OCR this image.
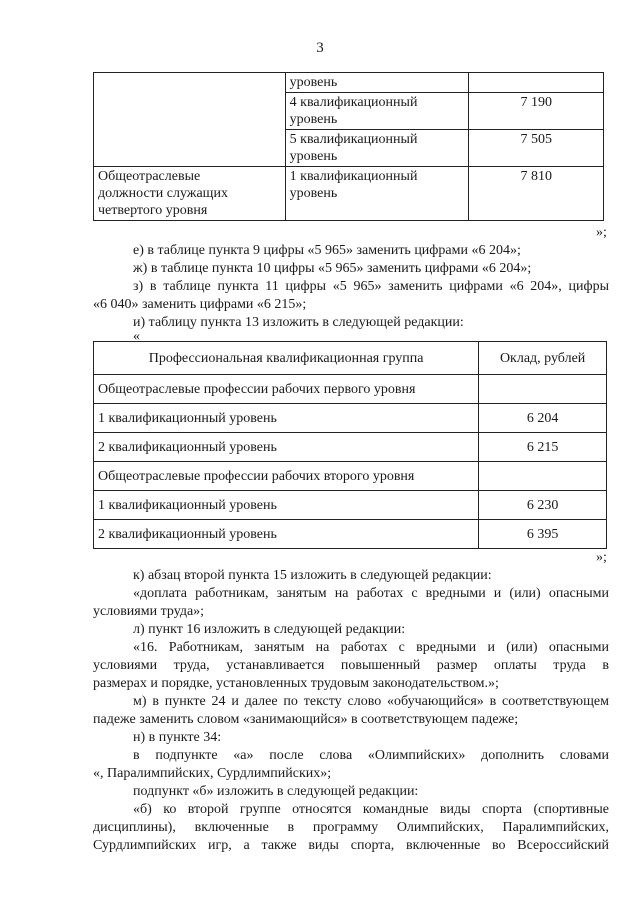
3
	уровень	
	4 квалификационный
уровень	7 190
	5 квалификационный
уровень	7 505
Общеотраслевые
должности служащих
четвертого уровня	1 квалификационный
уровень	7 810
»;
е) в таблице пункта 9 цифры «5 965» заменить цифрами «6 204»;
ж) в таблице пункта 10 цифры «5 965» заменить цифрами «6 204»;
з) в таблице пункта 11 цифры «5 965» заменить цифрами «6 204», цифры
«6 040» заменить цифрами «6 215»;
и) таблицу пункта 13 изложить в следующей редакции:
«
Профессиональная квалификационная группа	Оклад, рублей
Общеотраслевые профессии рабочих первого уровня	
1 квалификационный уровень	6 204
2 квалификационный уровень	6 215
Общеотраслевые профессии рабочих второго уровня	
1 квалификационный уровень	6 230
2 квалификационный уровень	6 395
»;
к) абзац второй пункта 15 изложить в следующей редакции:
«доплата работникам, занятым на работах с вредными и (или) опасными
условиями труда»;
л) пункт 16 изложить в следующей редакции:
«16. Работникам, занятым на работах с вредными и (или) опасными
условиями труда, устанавливается повышенный размер оплаты труда в
размерах и порядке, установленных трудовым законодательством.»;
м) в пункте 24 и далее по тексту слово «обучающийся» в соответствующем
падеже заменить словом «занимающийся» в соответствующем падеже;
н) в пункте 34:
в подпункте «а» после слова «Олимпийских» дополнить словами
«, Паралимпийских, Сурдлимпийских»;
подпункт «б» изложить в следующей редакции:
«б) ко второй группе относятся командные виды спорта (спортивные
дисциплины), включенные в программу Олимпийских, Паралимпийских,
Сурдлимпийских игр, а также виды спорта, включенные во Всероссийский
